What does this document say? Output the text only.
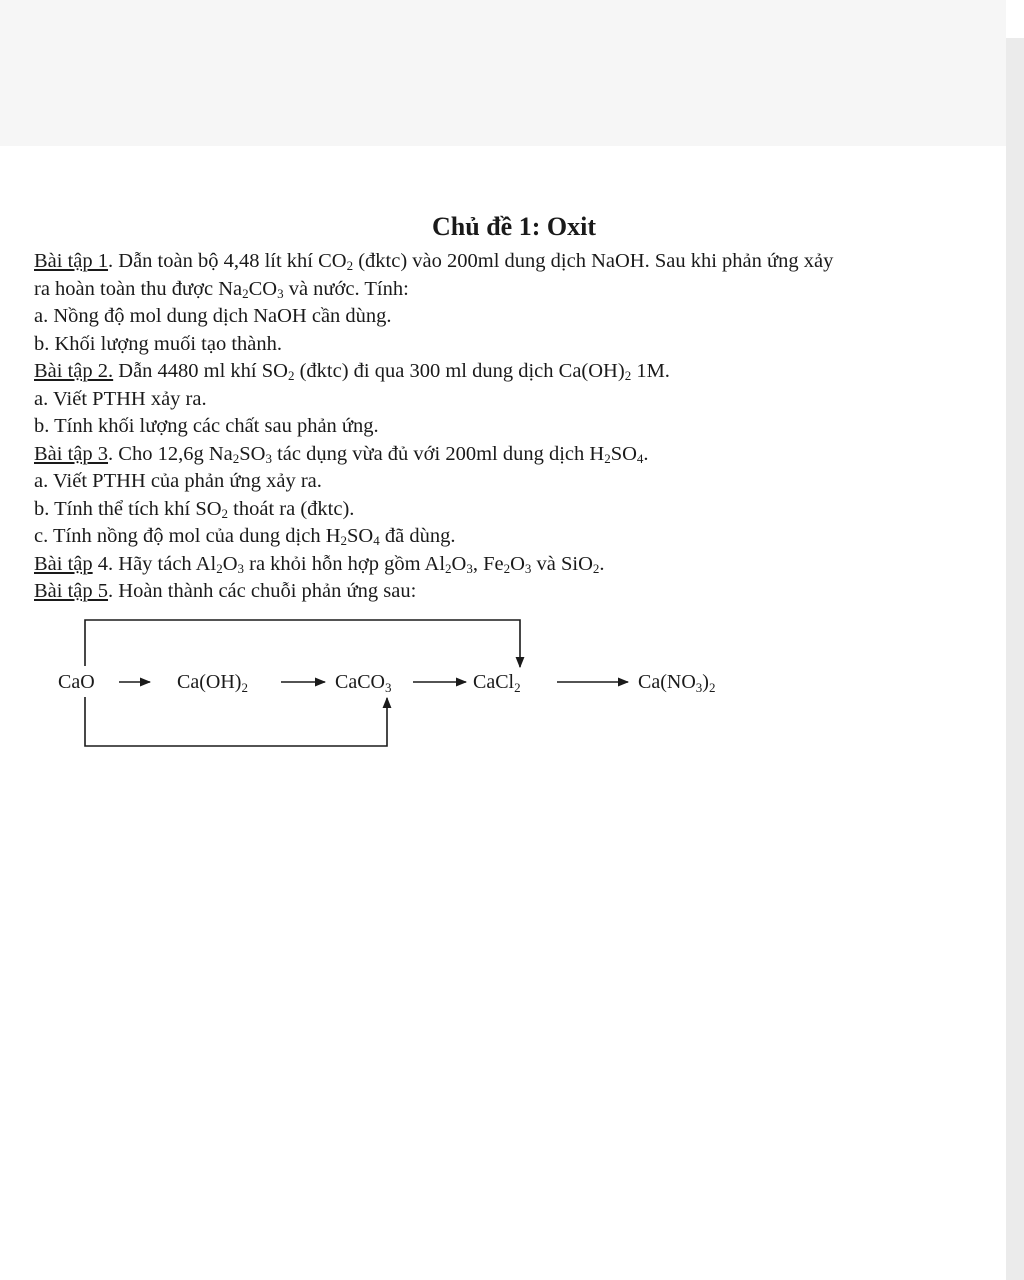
Chủ đề 1: Oxit
Bài tập 1. Dẫn toàn bộ 4,48 lít khí $CO_2$ (đktc) vào 200ml dung dịch NaOH. Sau khi phản ứng xảy
ra hoàn toàn thu được $Na_2CO_3$ và nước. Tính:
a. Nồng độ mol dung dịch NaOH cần dùng.
b. Khối lượng muối tạo thành.
Bài tập 2. Dẫn 4480 ml khí $SO_2$ (đktc) đi qua 300 ml dung dịch $Ca(OH)_2$ 1M.
a. Viết PTHH xảy ra.
b. Tính khối lượng các chất sau phản ứng.
Bài tập 3. Cho 12,6g $Na_2SO_3$ tác dụng vừa đủ với 200ml dung dịch $H_2SO_4$.
a. Viết PTHH của phản ứng xảy ra.
b. Tính thể tích khí $SO_2$ thoát ra (đktc).
c. Tính nồng độ mol của dung dịch $H_2SO_4$ đã dùng.
Bài tập 4. Hãy tách $Al_2O_3$ ra khỏi hỗn hợp gồm $Al_2O_3$, $Fe_2O_3$ và SiO$_2$.
Bài tập 5. Hoàn thành các chuỗi phản ứng sau:
CaO	$Ca(OH)_2$	CaCO$_3$	CaCl$_2$	$Ca(NO_3)_2$
